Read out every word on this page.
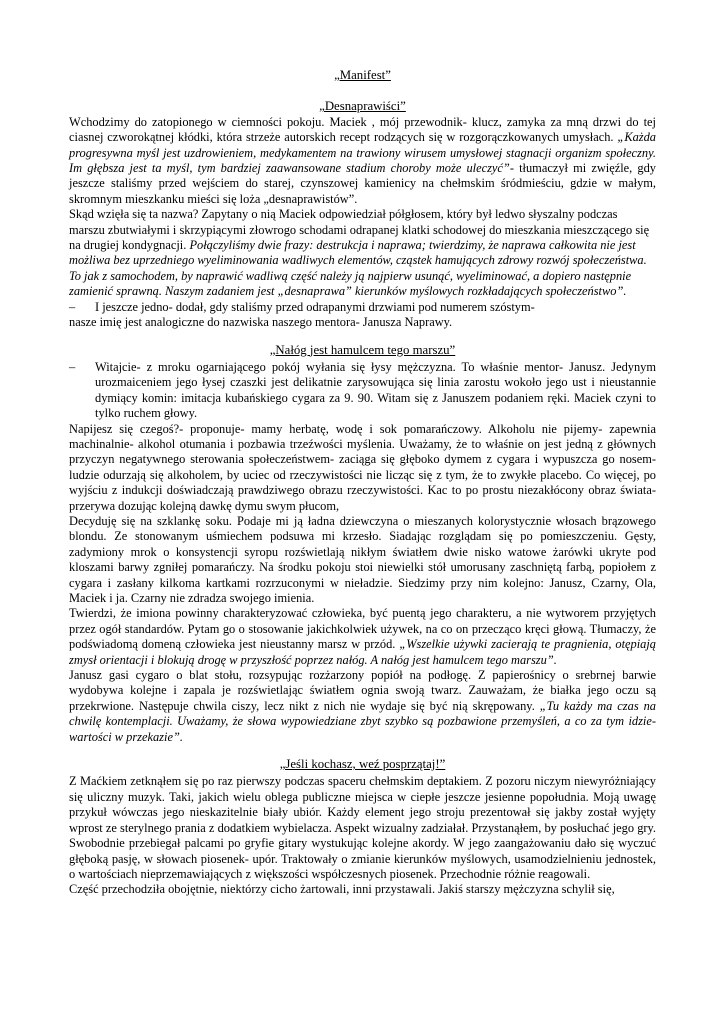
„Manifest”
„Desnaprawiści”

Wchodzimy do zatopionego w ciemności pokoju. Maciek , mój przewodnik- klucz, zamyka za mną drzwi do tej ciasnej czworokątnej kłódki, która strzeże autorskich recept rodzących się w rozgorączkowanych umysłach. „Każda progresywna myśl jest uzdrowieniem, medykamentem na trawiony wirusem umysłowej stagnacji organizm społeczny. Im głębsza jest ta myśl, tym bardziej zaawansowane stadium choroby może uleczyć”- tłumaczył mi zwięźle, gdy jeszcze staliśmy przed wejściem do starej, czynszowej kamienicy na chełmskim śródmieściu, gdzie w małym, skromnym mieszkanku mieści się loża „desnaprawistów”.

Skąd wzięła się ta nazwa? Zapytany o nią Maciek odpowiedział półgłosem, który był ledwo słyszalny podczas marszu zbutwiałymi i skrzypiącymi złowrogo schodami odrapanej klatki schodowej do mieszkania mieszczącego się na drugiej kondygnacji. Połączyliśmy dwie frazy: destrukcja i naprawa; twierdzimy, że naprawa całkowita nie jest możliwa bez uprzedniego wyeliminowania wadliwych elementów, cząstek hamujących zdrowy rozwój społeczeństwa. To jak z samochodem, by naprawić wadliwą część należy ją najpierw usunąć, wyeliminować, a dopiero następnie zamienić sprawną. Naszym zadaniem jest „desnaprawa” kierunków myślowych rozkładających społeczeństwo”.

–	I jeszcze jedno- dodał, gdy staliśmy przed odrapanymi drzwiami pod numerem szóstym-

nasze imię jest analogiczne do nazwiska naszego mentora- Janusza Naprawy.

„Nałóg jest hamulcem tego marszu”
–	Witajcie- z mroku ogarniającego pokój wyłania się łysy mężczyzna. To właśnie mentor- Janusz. Jedynym urozmaiceniem jego łysej czaszki jest delikatnie zarysowująca się linia zarostu wokoło jego ust i nieustannie dymiący komin: imitacja kubańskiego cygara za 9. 90. Witam się z Januszem podaniem ręki. Maciek czyni to tylko ruchem głowy.

Napijesz się czegoś?- proponuje- mamy herbatę, wodę i sok pomarańczowy. Alkoholu nie pijemy- zapewnia machinalnie- alkohol otumania i pozbawia trzeźwości myślenia. Uważamy, że to właśnie on jest jedną z głównych przyczyn negatywnego sterowania społeczeństwem- zaciąga się głęboko dymem z cygara i wypuszcza go nosem- ludzie odurzają się alkoholem, by uciec od rzeczywistości nie licząc się z tym, że to zwykłe placebo. Co więcej, po wyjściu z indukcji doświadczają prawdziwego obrazu rzeczywistości. Kac to po prostu niezakłócony obraz świata- przerywa dozując kolejną dawkę dymu swym płucom,

Decyduję się na szklankę soku. Podaje mi ją ładna dziewczyna o mieszanych kolorystycznie włosach brązowego blondu. Ze stonowanym uśmiechem podsuwa mi krzesło. Siadając rozglądam się po pomieszczeniu. Gęsty, zadymiony mrok o konsystencji syropu rozświetlają nikłym światłem dwie nisko watowe żarówki ukryte pod kloszami barwy zgniłej pomarańczy. Na środku pokoju stoi niewielki stół umorusany zaschniętą farbą, popiołem z cygara i zasłany kilkoma kartkami rozrzuconymi w nieładzie. Siedzimy przy nim kolejno: Janusz, Czarny, Ola, Maciek i ja. Czarny nie zdradza swojego imienia.

Twierdzi, że imiona powinny charakteryzować człowieka, być puentą jego charakteru, a nie wytworem przyjętych przez ogół standardów. Pytam go o stosowanie jakichkolwiek używek, na co on przecząco kręci głową. Tłumaczy, że podświadomą domeną człowieka jest nieustanny marsz w przód. „Wszelkie używki zacierają te pragnienia, otępiają zmysł orientacji i blokują drogę w przyszłość poprzez nałóg. A nałóg jest hamulcem tego marszu”.

Janusz gasi cygaro o blat stołu, rozsypując rozżarzony popiół na podłogę. Z papierośnicy o srebrnej barwie wydobywa kolejne i zapala je rozświetlając światłem ognia swoją twarz. Zauważam, że białka jego oczu są przekrwione. Następuje chwila ciszy, lecz nikt z nich nie wydaje się być nią skrępowany. „Tu każdy ma czas na chwilę kontemplacji. Uważamy, że słowa wypowiedziane zbyt szybko są pozbawione przemyśleń, a co za tym idzie- wartości w przekazie”.

„Jeśli kochasz, weź posprzątaj!”

Z Maćkiem zetknąłem się po raz pierwszy podczas spaceru chełmskim deptakiem. Z pozoru niczym niewyróżniający się uliczny muzyk. Taki, jakich wielu oblega publiczne miejsca w ciepłe jeszcze jesienne popołudnia. Moją uwagę przykuł wówczas jego nieskazitelnie biały ubiór. Każdy element jego stroju prezentował się jakby został wyjęty wprost ze sterylnego prania z dodatkiem wybielacza. Aspekt wizualny zadziałał. Przystanąłem, by posłuchać jego gry. Swobodnie przebiegał palcami po gryfie gitary wystukując kolejne akordy. W jego zaangażowaniu dało się wyczuć głęboką pasję, w słowach piosenek- upór. Traktowały o zmianie kierunków myślowych, usamodzielnieniu jednostek, o wartościach nieprzemawiających z większości współczesnych piosenek. Przechodnie różnie reagowali.

Część przechodziła obojętnie, niektórzy cicho żartowali, inni przystawali. Jakiś starszy mężczyzna schylił się,
